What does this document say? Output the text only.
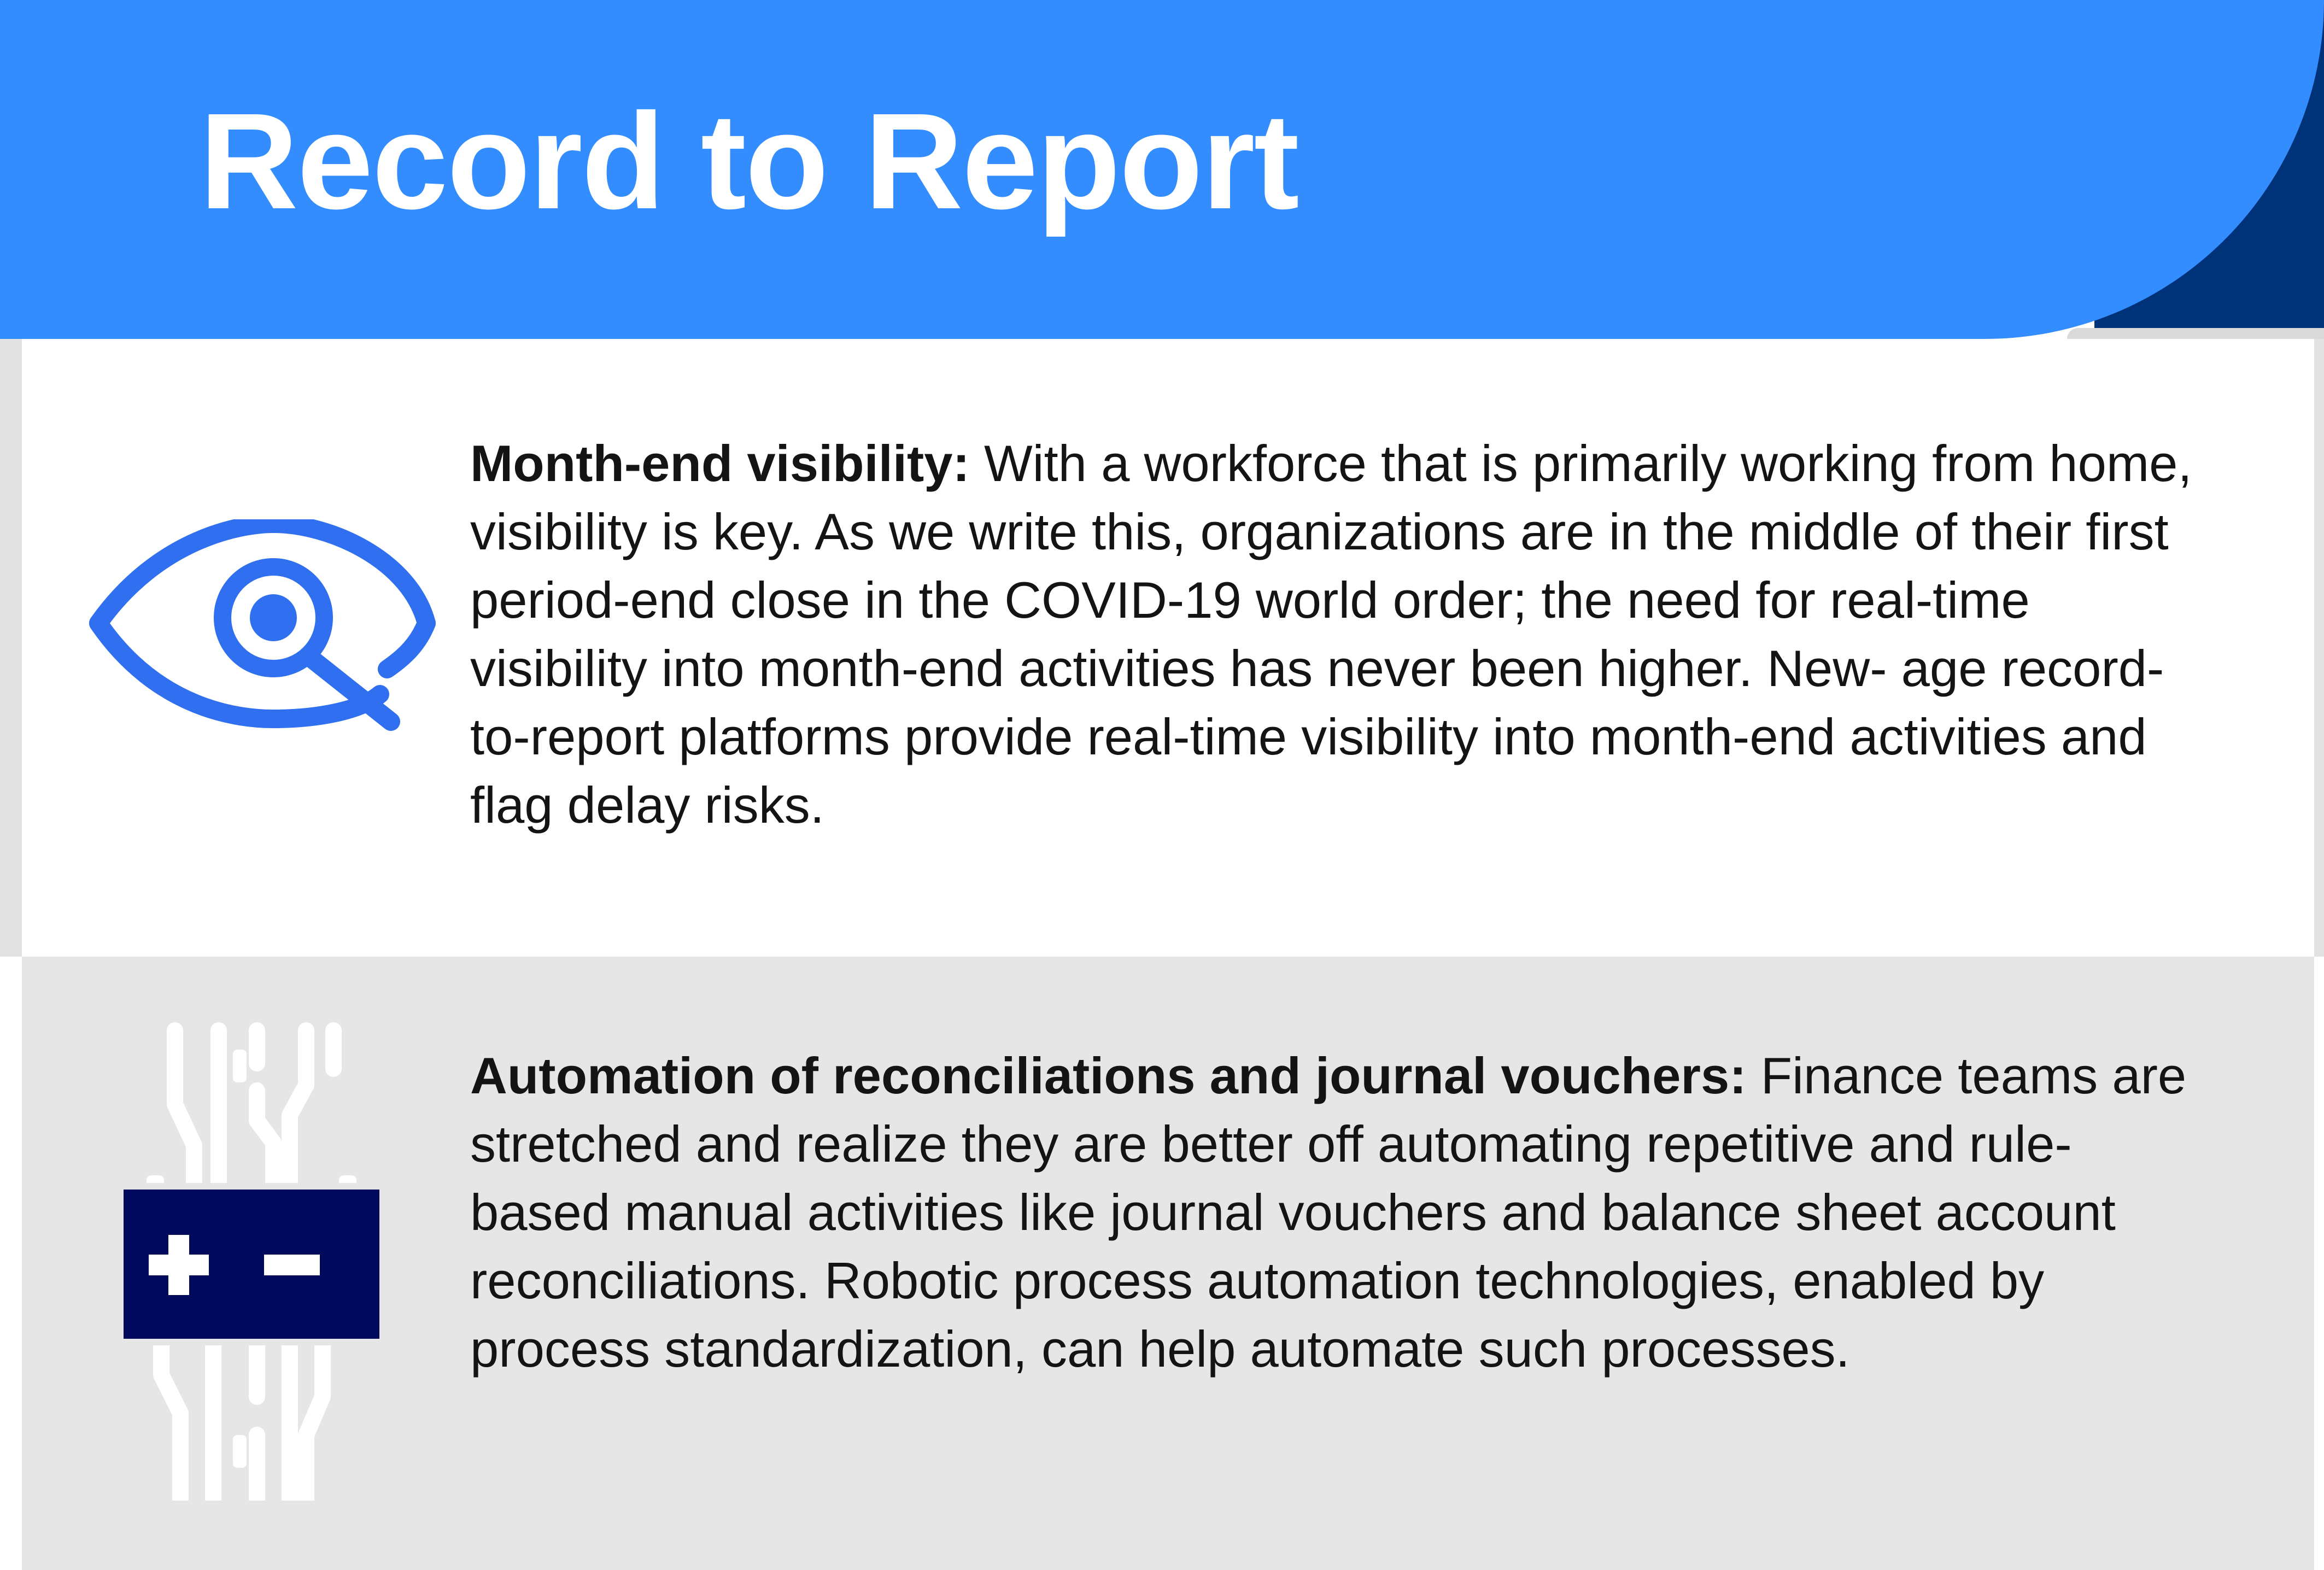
Record to Report

Month-end visibility: With a workforce that is primarily working from home, visibility is key. As we write this, organizations are in the middle of their first period-end close in the COVID-19 world order; the need for real-time visibility into month-end activities has never been higher. New- age record-to-report platforms provide real-time visibility into month-end activities and flag delay risks.

Automation of reconciliations and journal vouchers: Finance teams are stretched and realize they are better off automating repetitive and rule-based manual activities like journal vouchers and balance sheet account reconciliations. Robotic process automation technologies, enabled by process standardization, can help automate such processes.
